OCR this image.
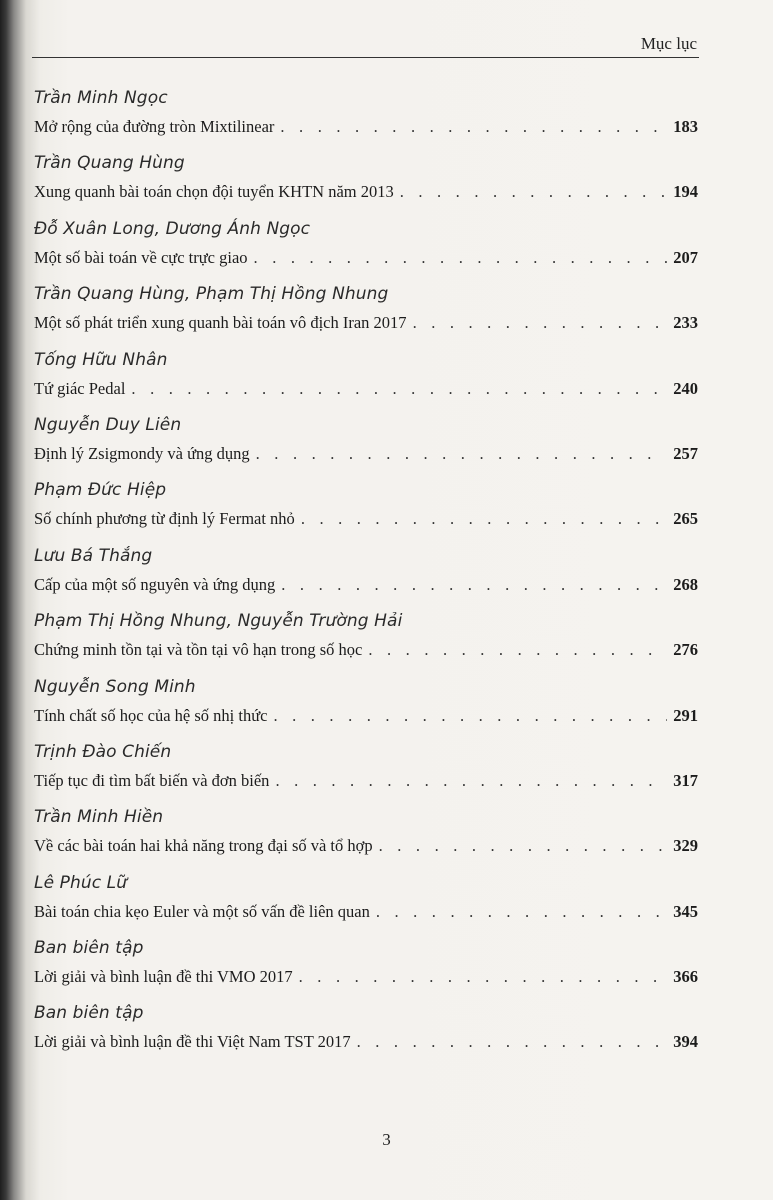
Mục lục
Trần Minh Ngọc
Mở rộng của đường tròn Mixtilinear . . .	183
Trần Quang Hùng
Xung quanh bài toán chọn đội tuyển KHTN năm 2013 . . .	194
Đỗ Xuân Long, Dương Ánh Ngọc
Một số bài toán về cực trực giao . . .	207
Trần Quang Hùng, Phạm Thị Hồng Nhung
Một số phát triển xung quanh bài toán vô địch Iran 2017 . . .	233
Tống Hữu Nhân
Tứ giác Pedal . . .	240
Nguyễn Duy Liên
Định lý Zsigmondy và ứng dụng . . .	257
Phạm Đức Hiệp
Số chính phương từ định lý Fermat nhỏ . . .	265
Lưu Bá Thắng
Cấp của một số nguyên và ứng dụng . . .	268
Phạm Thị Hồng Nhung, Nguyễn Trường Hải
Chứng minh tồn tại và tồn tại vô hạn trong số học . . .	276
Nguyễn Song Minh
Tính chất số học của hệ số nhị thức . . .	291
Trịnh Đào Chiến
Tiếp tục đi tìm bất biến và đơn biến . . .	317
Trần Minh Hiền
Về các bài toán hai khả năng trong đại số và tổ hợp . . .	329
Lê Phúc Lữ
Bài toán chia kẹo Euler và một số vấn đề liên quan . . .	345
Ban biên tập
Lời giải và bình luận đề thi VMO 2017 . . .	366
Ban biên tập
Lời giải và bình luận đề thi Việt Nam TST 2017 . . .	394
3
